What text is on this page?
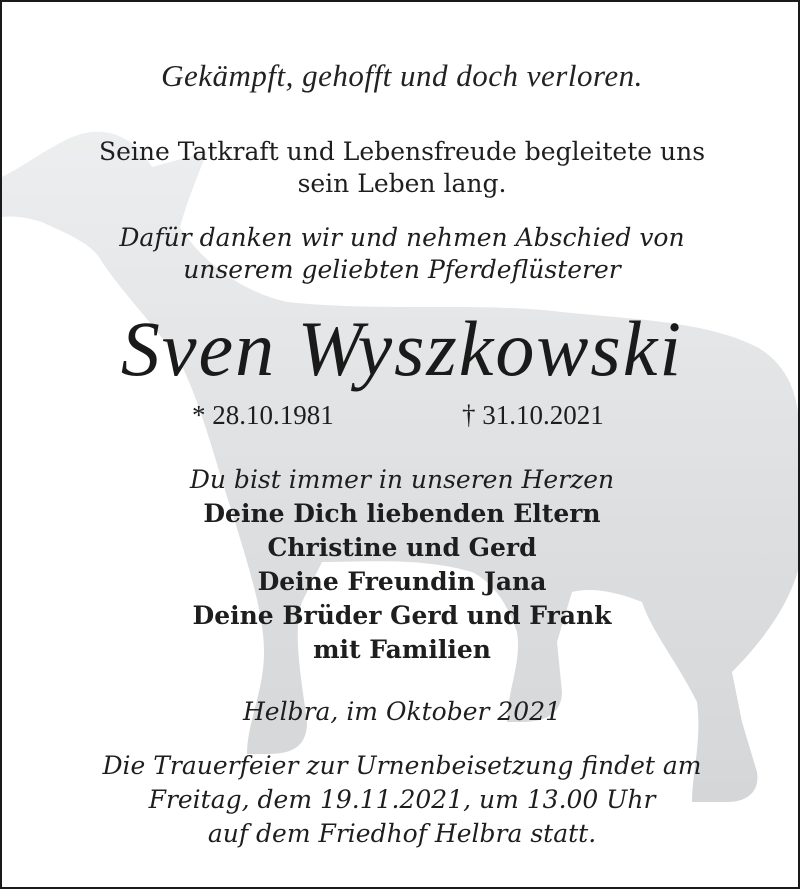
Gekämpft, gehofft und doch verloren.
Seine Tatkraft und Lebensfreude begleitete uns
sein Leben lang.
Dafür danken wir und nehmen Abschied von
unserem geliebten Pferdeflüsterer
Sven Wyszkowski
* 28.10.1981	† 31.10.2021
Du bist immer in unseren Herzen
Deine Dich liebenden Eltern
Christine und Gerd
Deine Freundin Jana
Deine Brüder Gerd und Frank
mit Familien
Helbra, im Oktober 2021
Die Trauerfeier zur Urnenbeisetzung findet am
Freitag, dem 19.11.2021, um 13.00 Uhr
auf dem Friedhof Helbra statt.
